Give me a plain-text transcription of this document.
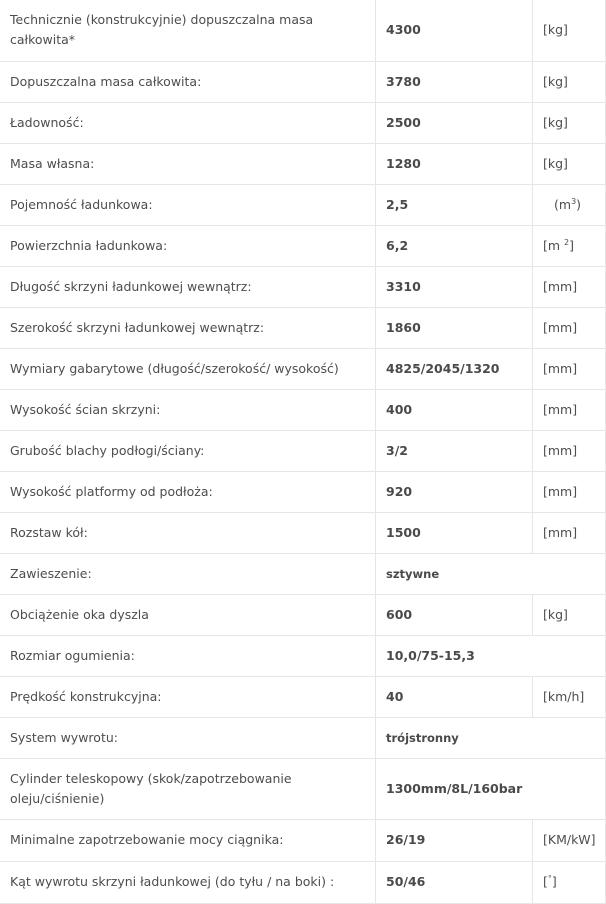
Technicznie (konstrukcyjnie) dopuszczalna masa całkowita*	4300	[kg]
Dopuszczalna masa całkowita:	3780	[kg]
Ładowność:	2500	[kg]
Masa własna:	1280	[kg]
Pojemność ładunkowa:	2,5	$(m^3)$
Powierzchnia ładunkowa:	6,2	[m $^2$]
Długość skrzyni ładunkowej wewnątrz:	3310	[mm]
Szerokość skrzyni ładunkowej wewnątrz:	1860	[mm]
Wymiary gabarytowe (długość/szerokość/ wysokość)	4825/2045/1320	[mm]
Wysokość ścian skrzyni:	400	[mm]
Grubość blachy podłogi/ściany:	3/2	[mm]
Wysokość platformy od podłoża:	920	[mm]
Rozstaw kół:	1500	[mm]
Zawieszenie:	sztywne	
Obciążenie oka dyszla	600	[kg]
Rozmiar ogumienia:	10,0/75-15,3	
Prędkość konstrukcyjna:	40	[km/h]
System wywrotu:	trójstronny	
Cylinder teleskopowy (skok/zapotrzebowanie oleju/ciśnienie)	1300mm/8L/160bar	
Minimalne zapotrzebowanie mocy ciągnika:	26/19	[KM/kW]
Kąt wywrotu skrzyni ładunkowej (do tyłu / na boki) :	50/46	[°]
